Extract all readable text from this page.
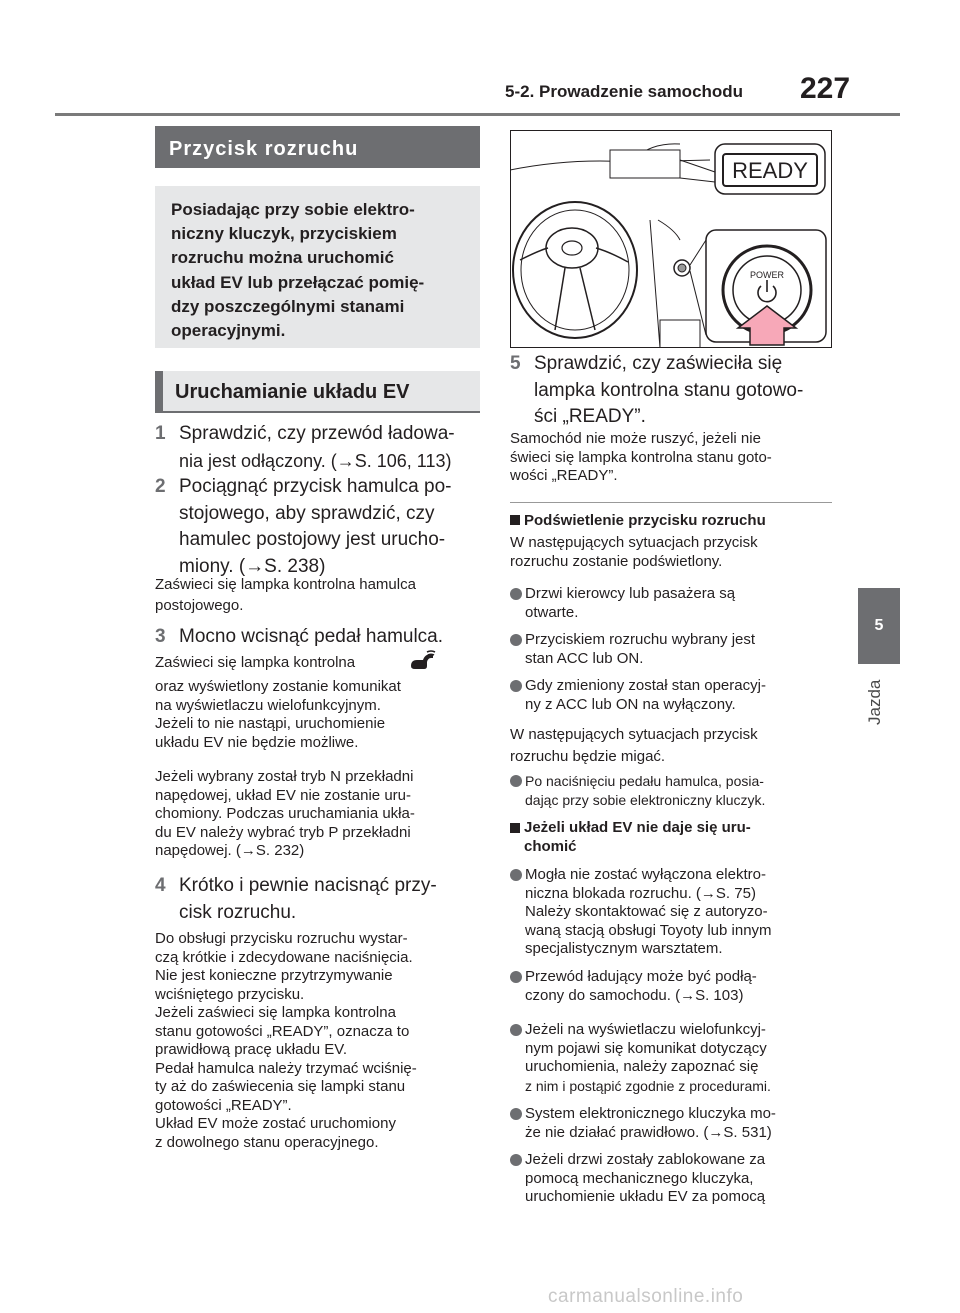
5-2. Prowadzenie samochodu 227
5
Jazda
Przycisk rozruchu
Posiadając przy sobie elektro-
niczny kluczyk, przyciskiem
rozruchu można uruchomić
układ EV lub przełączać pomię-
dzy poszczególnymi stanami
operacyjnymi.
Uruchamianie układu EV
1 Sprawdzić, czy przewód ładowa-
nia jest odłączony. (→S. 106, 113)
2 Pociągnąć przycisk hamulca po-
stojowego, aby sprawdzić, czy
hamulec postojowy jest urucho-
miony. (→S. 238)
Zaświeci się lampka kontrolna hamulca
postojowego.
3 Mocno wcisnąć pedał hamulca.
Zaświeci się lampka kontrolna
oraz wyświetlony zostanie komunikat
na wyświetlaczu wielofunkcyjnym.
Jeżeli to nie nastąpi, uruchomienie
układu EV nie będzie możliwe.
Jeżeli wybrany został tryb N przekładni
napędowej, układ EV nie zostanie uru-
chomiony. Podczas uruchamiania ukła-
du EV należy wybrać tryb P przekładni
napędowej. (→S. 232)
4 Krótko i pewnie nacisnąć przy-
cisk rozruchu.
Do obsługi przycisku rozruchu wystar-
czą krótkie i zdecydowane naciśnięcia.
Nie jest konieczne przytrzymywanie
wciśniętego przycisku.
Jeżeli zaświeci się lampka kontrolna
stanu gotowości „READY”, oznacza to
prawidłową pracę układu EV.
Pedał hamulca należy trzymać wciśnię-
ty aż do zaświecenia się lampki stanu
gotowości „READY”.
Układ EV może zostać uruchomiony
z dowolnego stanu operacyjnego.
READY
POWER
5 Sprawdzić, czy zaświeciła się
lampka kontrolna stanu gotowo-
ści „READY”.
Samochód nie może ruszyć, jeżeli nie
świeci się lampka kontrolna stanu goto-
wości „READY”.
Podświetlenie przycisku rozruchu
W następujących sytuacjach przycisk
rozruchu zostanie podświetlony.
Drzwi kierowcy lub pasażera są
otwarte.
Przyciskiem rozruchu wybrany jest
stan ACC lub ON.
Gdy zmieniony został stan operacyj-
ny z ACC lub ON na wyłączony.
W następujących sytuacjach przycisk
rozruchu będzie migać.
Po naciśnięciu pedału hamulca, posia-
dając przy sobie elektroniczny kluczyk.
Jeżeli układ EV nie daje się uru-
chomić
Mogła nie zostać wyłączona elektro-
niczna blokada rozruchu. (→S. 75)
Należy skontaktować się z autoryzo-
waną stacją obsługi Toyoty lub innym
specjalistycznym warsztatem.
Przewód ładujący może być podłą-
czony do samochodu. (→S. 103)
Jeżeli na wyświetlaczu wielofunkcyj-
nym pojawi się komunikat dotyczący
uruchomienia, należy zapoznać się
z nim i postąpić zgodnie z procedurami.
System elektronicznego kluczyka mo-
że nie działać prawidłowo. (→S. 531)
Jeżeli drzwi zostały zablokowane za
pomocą mechanicznego kluczyka,
uruchomienie układu EV za pomocą
carmanualsonline.info
